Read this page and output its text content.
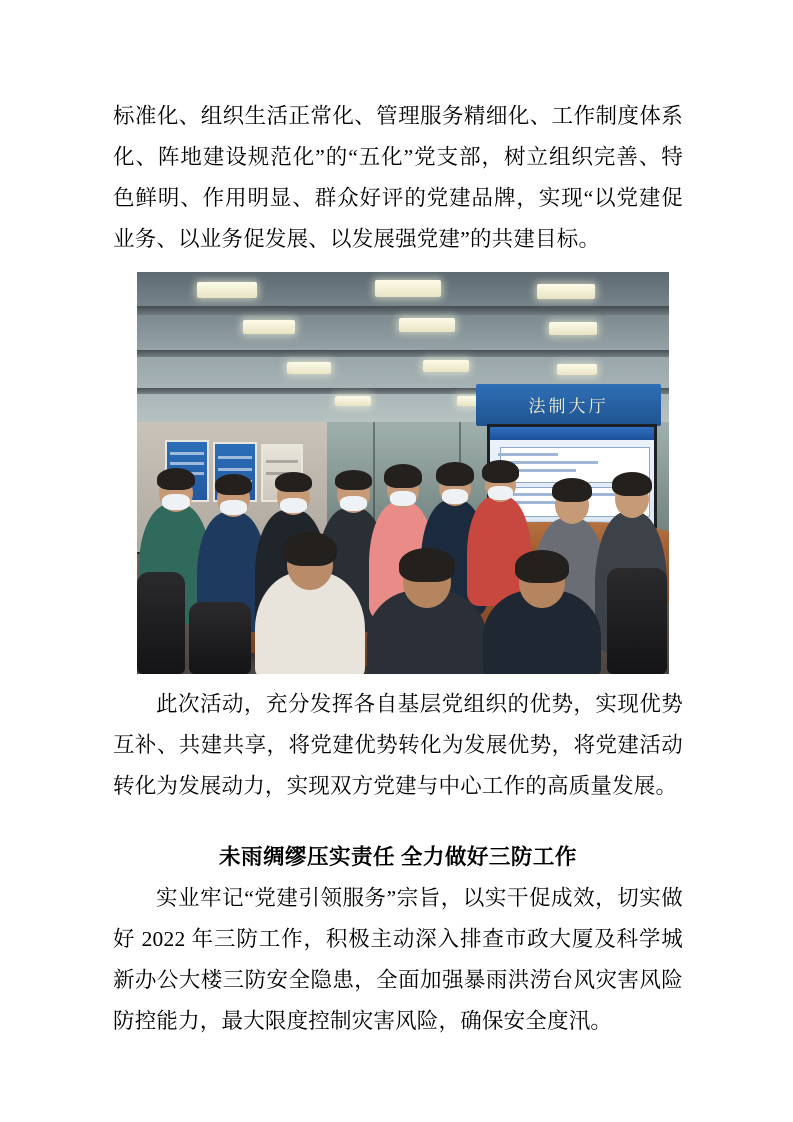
标准化、组织生活正常化、管理服务精细化、工作制度体系化、阵地建设规范化”的“五化”党支部，树立组织完善、特色鲜明、作用明显、群众好评的党建品牌，实现“以党建促业务、以业务促发展、以发展强党建”的共建目标。

法制大厅

此次活动，充分发挥各自基层党组织的优势，实现优势互补、共建共享，将党建优势转化为发展优势，将党建活动转化为发展动力，实现双方党建与中心工作的高质量发展。

未雨绸缪压实责任 全力做好三防工作

实业牢记“党建引领服务”宗旨，以实干促成效，切实做好 2022 年三防工作，积极主动深入排查市政大厦及科学城新办公大楼三防安全隐患，全面加强暴雨洪涝台风灾害风险防控能力，最大限度控制灾害风险，确保安全度汛。
